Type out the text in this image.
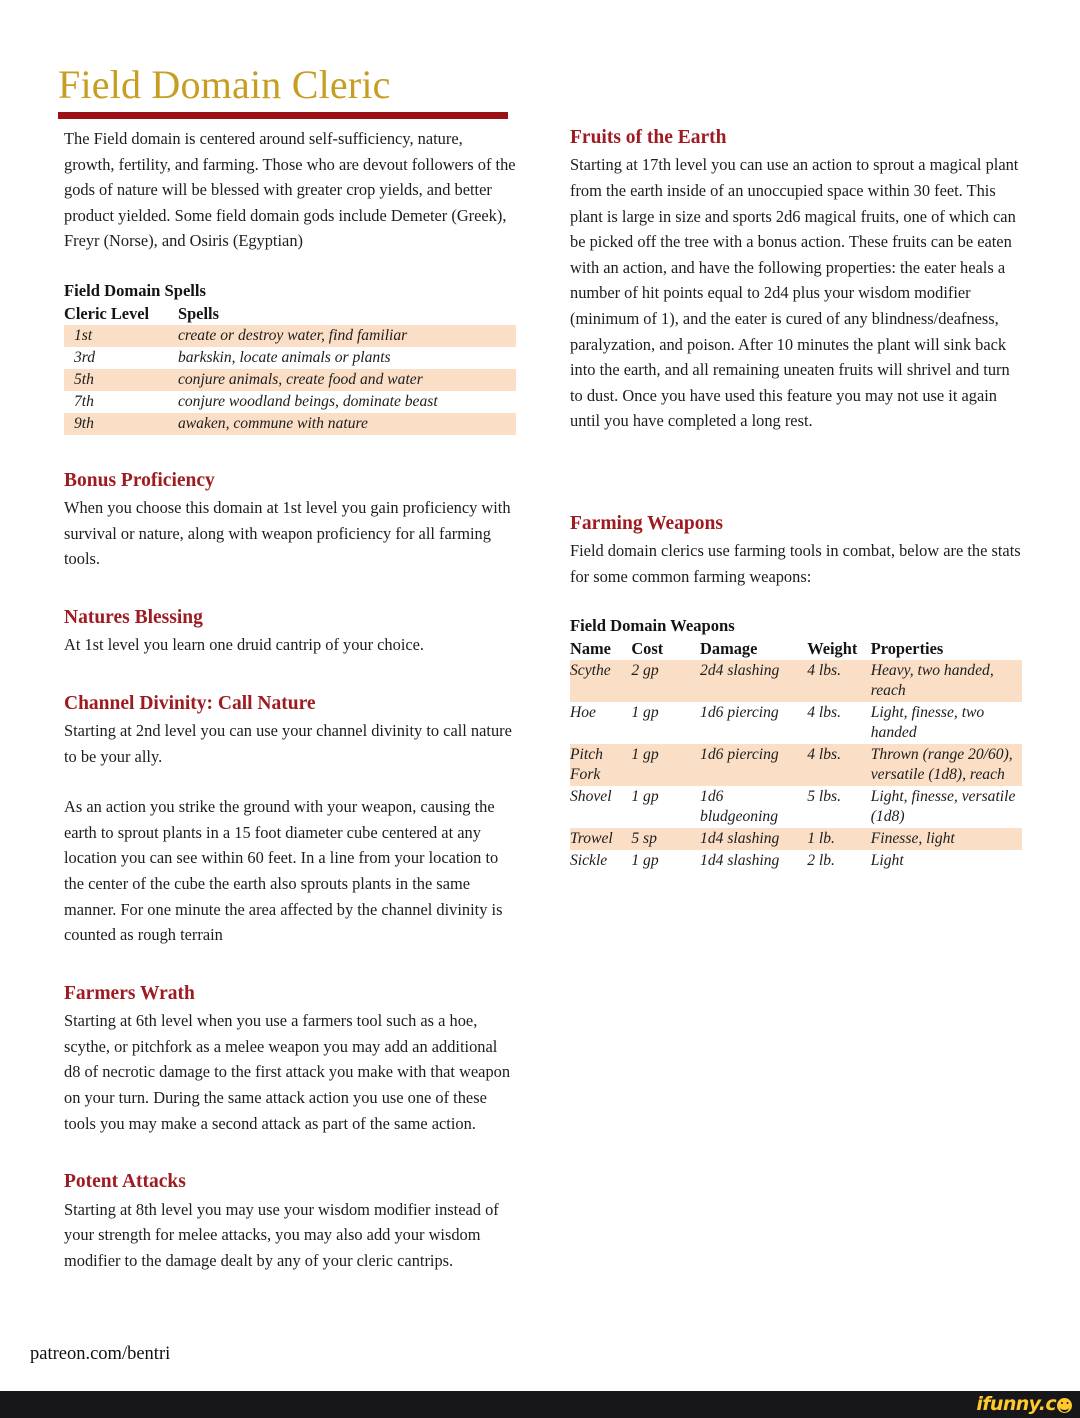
Field Domain Cleric

The Field domain is centered around self-sufficiency, nature, growth, fertility, and farming. Those who are devout followers of the gods of nature will be blessed with greater crop yields, and better product yielded. Some field domain gods include Demeter (Greek), Freyr (Norse), and Osiris (Egyptian)

Field Domain Spells
Cleric Level	Spells
1st	create or destroy water, find familiar
3rd	barkskin, locate animals or plants
5th	conjure animals, create food and water
7th	conjure woodland beings, dominate beast
9th	awaken, commune with nature
Bonus Proficiency

When you choose this domain at 1st level you gain proficiency with survival or nature, along with weapon proficiency for all farming tools.

Natures Blessing

At 1st level you learn one druid cantrip of your choice.

Channel Divinity: Call Nature

Starting at 2nd level you can use your channel divinity to call nature to be your ally.

As an action you strike the ground with your weapon, causing the earth to sprout plants in a 15 foot diameter cube centered at any location you can see within 60 feet. In a line from your location to the center of the cube the earth also sprouts plants in the same manner. For one minute the area affected by the channel divinity is counted as rough terrain

Farmers Wrath

Starting at 6th level when you use a farmers tool such as a hoe, scythe, or pitchfork as a melee weapon you may add an additional d8 of necrotic damage to the first attack you make with that weapon on your turn. During the same attack action you use one of these tools you may make a second attack as part of the same action.

Potent Attacks

Starting at 8th level you may use your wisdom modifier instead of your strength for melee attacks, you may also add your wisdom modifier to the damage dealt by any of your cleric cantrips.

Fruits of the Earth

Starting at 17th level you can use an action to sprout a magical plant from the earth inside of an unoccupied space within 30 feet. This plant is large in size and sports 2d6 magical fruits, one of which can be picked off the tree with a bonus action. These fruits can be eaten with an action, and have the following properties: the eater heals a number of hit points equal to 2d4 plus your wisdom modifier (minimum of 1), and the eater is cured of any blindness/deafness, paralyzation, and poison. After 10 minutes the plant will sink back into the earth, and all remaining uneaten fruits will shrivel and turn to dust. Once you have used this feature you may not use it again until you have completed a long rest.

Farming Weapons

Field domain clerics use farming tools in combat, below are the stats for some common farming weapons:

Field Domain Weapons
Name	Cost	Damage	Weight	Properties
Scythe	2 gp	2d4 slashing	4 lbs.	Heavy, two handed, reach
Hoe	1 gp	1d6 piercing	4 lbs.	Light, finesse, two handed
Pitch Fork	1 gp	1d6 piercing	4 lbs.	Thrown (range 20/60), versatile (1d8), reach
Shovel	1 gp	1d6 bludgeoning	5 lbs.	Light, finesse, versatile (1d8)
Trowel	5 sp	1d4 slashing	1 lb.	Finesse, light
Sickle	1 gp	1d4 slashing	2 lb.	Light
patreon.com/bentri
ifunny.c
